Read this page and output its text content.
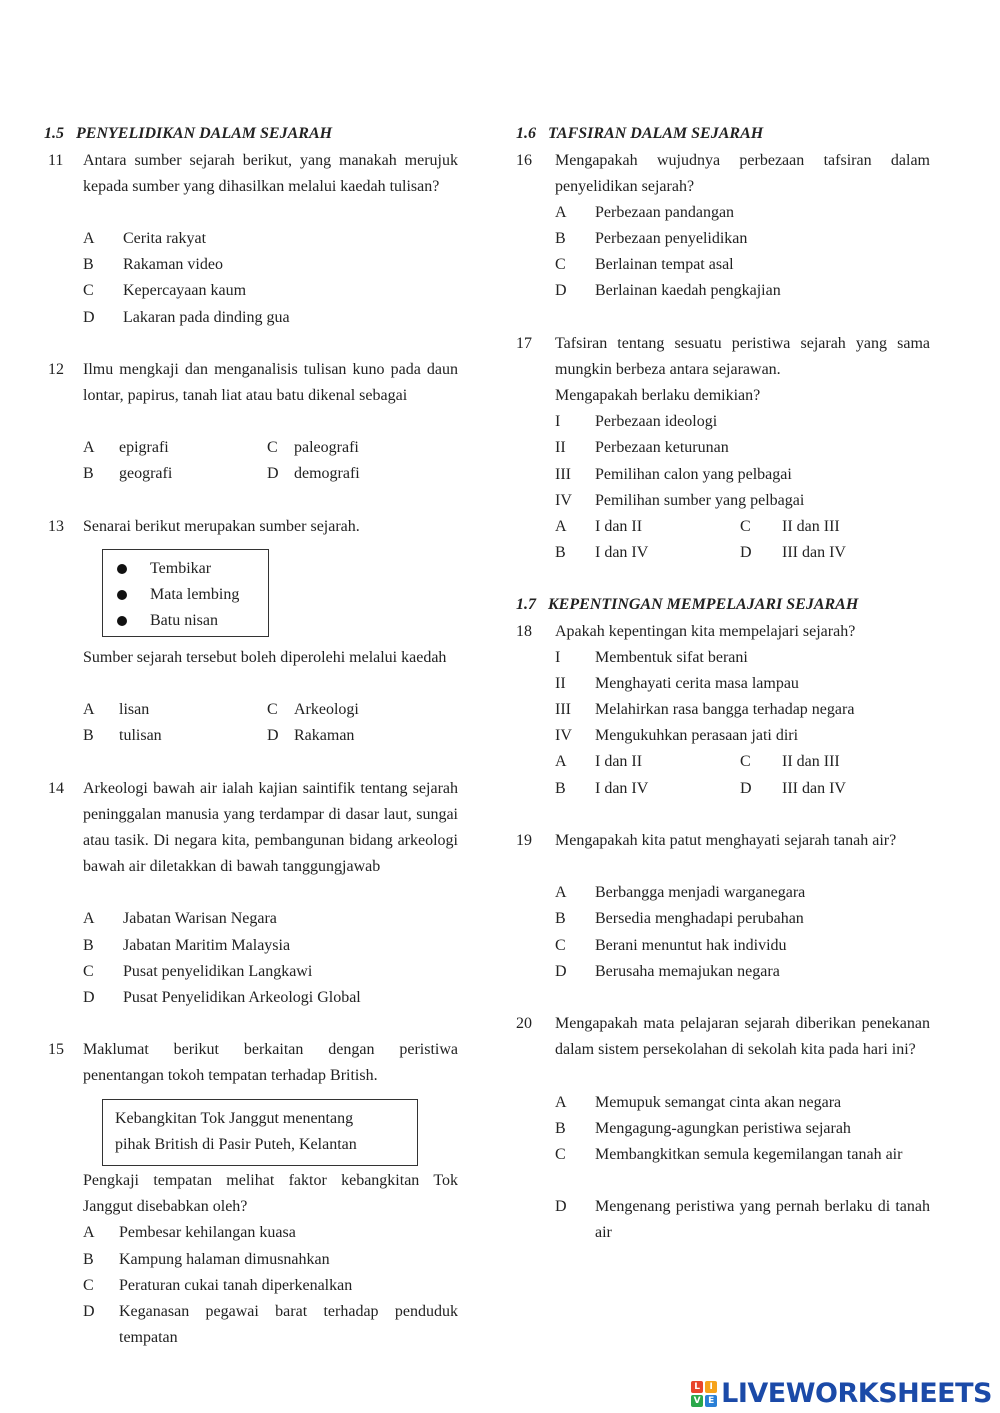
1.5 PENYELIDIKAN DALAM SEJARAH
11	Antara sumber sejarah berikut, yang manakah merujuk kepada sumber yang dihasilkan melalui kaedah tulisan?
A Cerita rakyat
B Rakaman video
C Kepercayaan kaum
D Lakaran pada dinding gua
12	Ilmu mengkaji dan menganalisis tulisan kuno pada daun lontar, papirus, tanah liat atau batu dikenal sebagai
A epigrafi	C paleografi
B geografi	D demografi
13	Senarai berikut merupakan sumber sejarah.
Tembikar
Mata lembing
Batu nisan
Sumber sejarah tersebut boleh diperolehi melalui kaedah
A lisan	C Arkeologi
B tulisan	D Rakaman
14	Arkeologi bawah air ialah kajian saintifik tentang sejarah peninggalan manusia yang terdampar di dasar laut, sungai atau tasik. Di negara kita, pembangunan bidang arkeologi bawah air diletakkan di bawah tanggungjawab
A Jabatan Warisan Negara
B Jabatan Maritim Malaysia
C Pusat penyelidikan Langkawi
D Pusat Penyelidikan Arkeologi Global
15	Maklumat berikut berkaitan dengan peristiwa penentangan tokoh tempatan terhadap British.
Kebangkitan Tok Janggut menentang
pihak British di Pasir Puteh, Kelantan
Pengkaji tempatan melihat faktor kebangkitan Tok Janggut disebabkan oleh?
A Pembesar kehilangan kuasa
B Kampung halaman dimusnahkan
C Peraturan cukai tanah diperkenalkan
D Keganasan pegawai barat terhadap penduduk tempatan
1.6 TAFSIRAN DALAM SEJARAH
16	Mengapakah wujudnya perbezaan tafsiran dalam penyelidikan sejarah?
A Perbezaan pandangan
B Perbezaan penyelidikan
C Berlainan tempat asal
D Berlainan kaedah pengkajian
17	Tafsiran tentang sesuatu peristiwa sejarah yang sama mungkin berbeza antara sejarawan.
Mengapakah berlaku demikian?
I Perbezaan ideologi
II Perbezaan keturunan
III Pemilihan calon yang pelbagai
IV Pemilihan sumber yang pelbagai
A I dan II	C II dan III
B I dan IV	D III dan IV
1.7 KEPENTINGAN MEMPELAJARI SEJARAH
18	Apakah kepentingan kita mempelajari sejarah?
I Membentuk sifat berani
II Menghayati cerita masa lampau
III Melahirkan rasa bangga terhadap negara
IV Mengukuhkan perasaan jati diri
A I dan II	C II dan III
B I dan IV	D III dan IV
19	Mengapakah kita patut menghayati sejarah tanah air?
A Berbangga menjadi warganegara
B Bersedia menghadapi perubahan
C Berani menuntut hak individu
D Berusaha memajukan negara
20	Mengapakah mata pelajaran sejarah diberikan penekanan dalam sistem persekolahan di sekolah kita pada hari ini?
A Memupuk semangat cinta akan negara
B Mengagung-agungkan peristiwa sejarah
C Membangkitkan semula kegemilangan tanah air
D Mengenang peristiwa yang pernah berlaku di tanah air
L	I
V E LIVEWORKSHEETS
